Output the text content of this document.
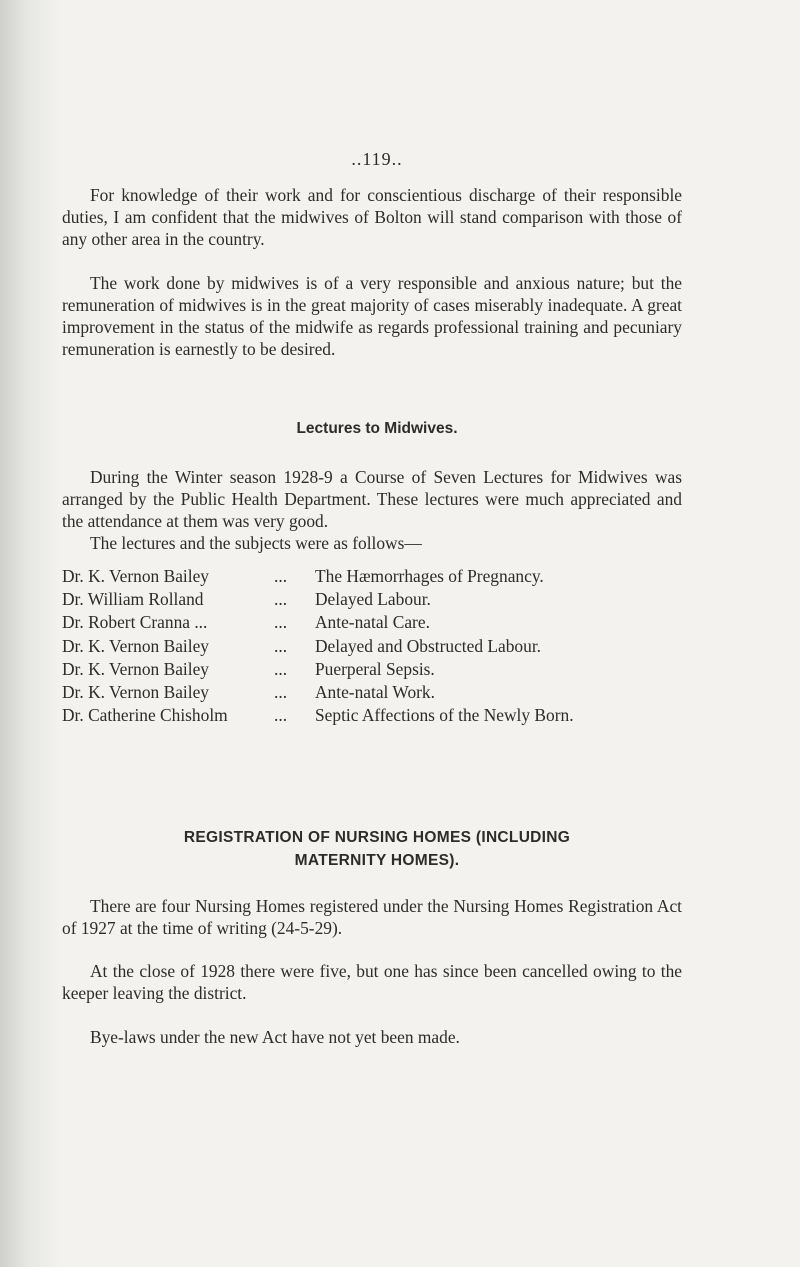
..119..

For knowledge of their work and for conscientious discharge of their responsible duties, I am confident that the midwives of Bolton will stand comparison with those of any other area in the country.

The work done by midwives is of a very responsible and anxious nature; but the remuneration of midwives is in the great majority of cases miserably inadequate. A great improvement in the status of the midwife as regards professional training and pecuniary remuneration is earnestly to be desired.

Lectures to Midwives.

During the Winter season 1928-9 a Course of Seven Lectures for Midwives was arranged by the Public Health Department. These lectures were much appreciated and the attendance at them was very good.

The lectures and the subjects were as follows—

Dr. K. Vernon Bailey	... The Hæmorrhages of Pregnancy.
Dr. William Rolland	... Delayed Labour.
Dr. Robert Cranna ...	... Ante-natal Care.
Dr. K. Vernon Bailey	... Delayed and Obstructed Labour.
Dr. K. Vernon Bailey	... Puerperal Sepsis.
Dr. K. Vernon Bailey	... Ante-natal Work.
Dr. Catherine Chisholm	... Septic Affections of the Newly Born.
REGISTRATION OF NURSING HOMES (INCLUDING
MATERNITY HOMES).

There are four Nursing Homes registered under the Nursing Homes Registration Act of 1927 at the time of writing (24-5-29).

At the close of 1928 there were five, but one has since been cancelled owing to the keeper leaving the district.

Bye-laws under the new Act have not yet been made.
